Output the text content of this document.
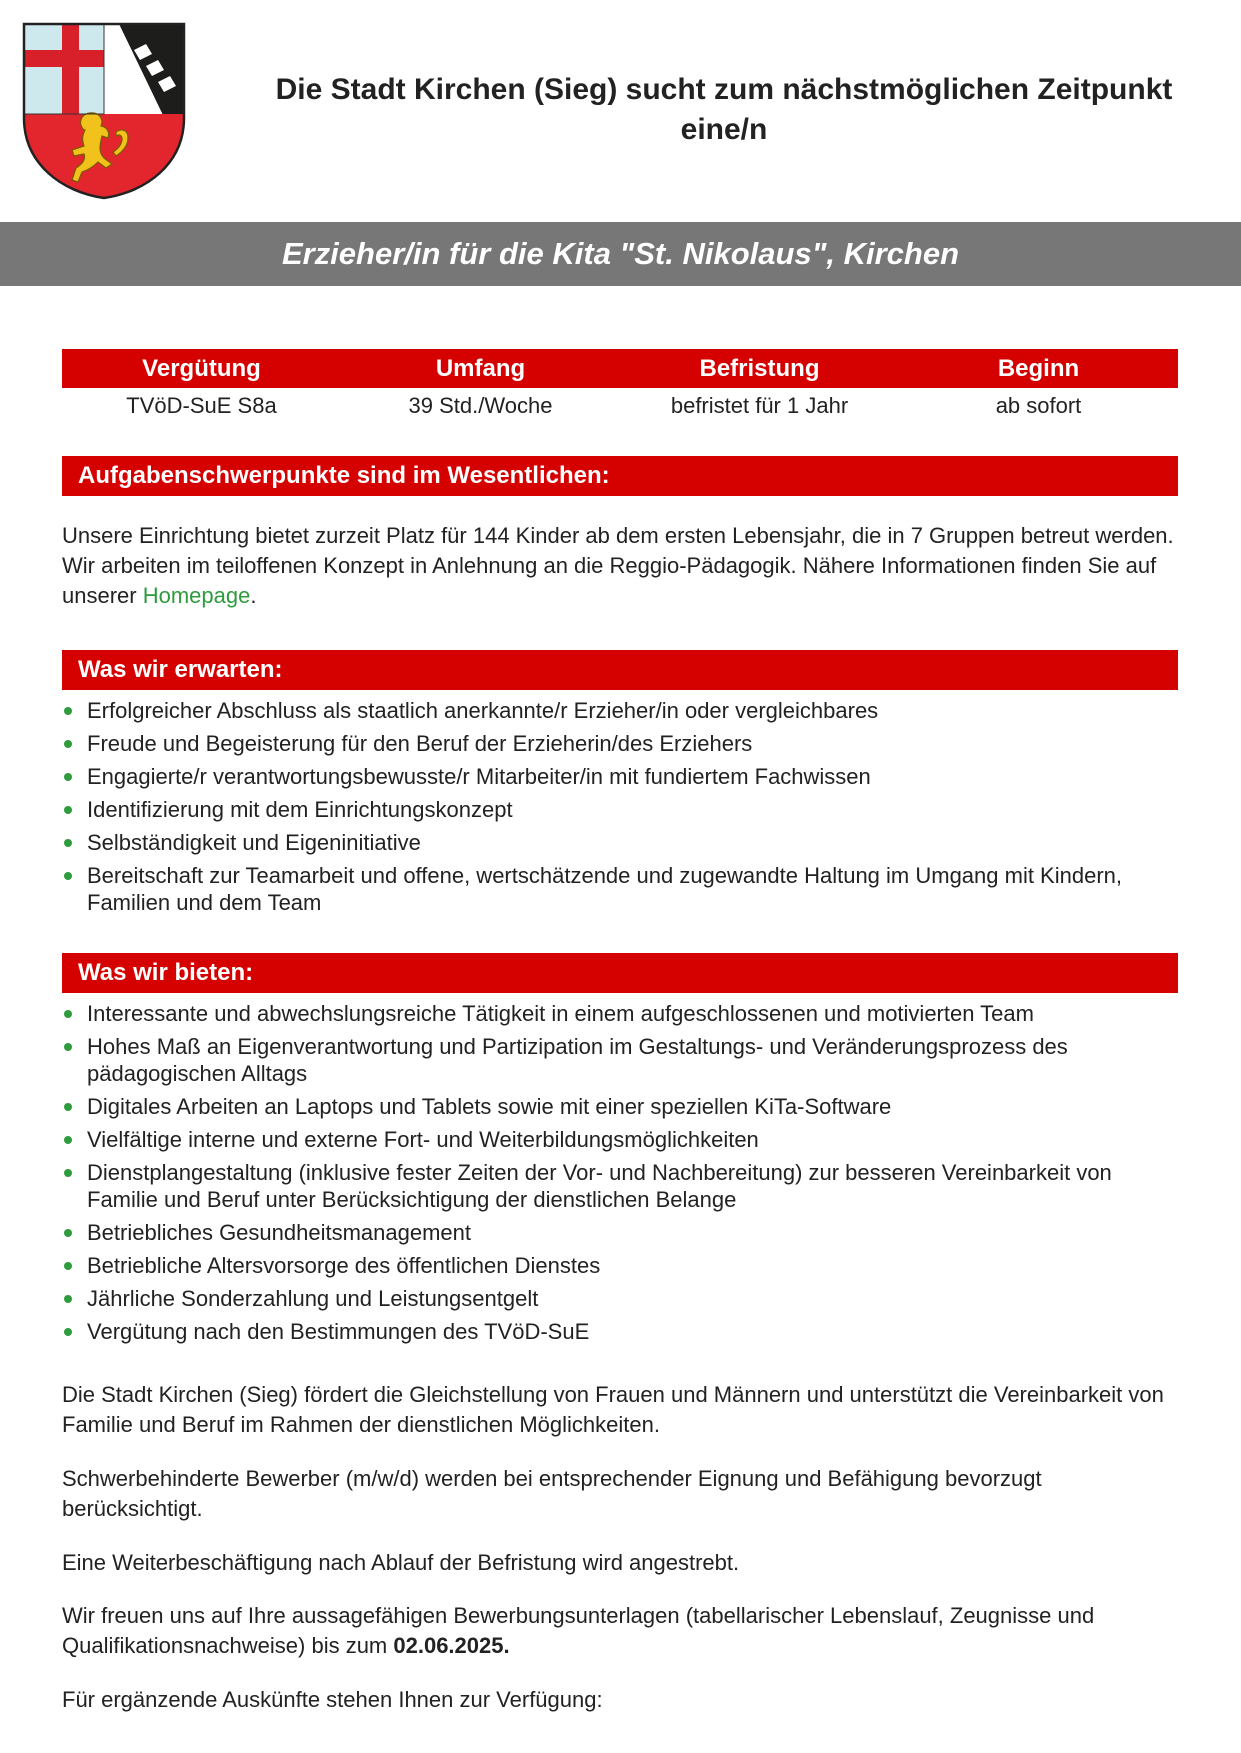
Die Stadt Kirchen (Sieg) sucht zum nächstmöglichen Zeitpunkt eine/n
Erzieher/in für die Kita "St. Nikolaus", Kirchen
Vergütung	Umfang	Befristung	Beginn
TVöD-SuE S8a	39 Std./Woche	befristet für 1 Jahr	ab sofort
Aufgabenschwerpunkte sind im Wesentlichen:
Unsere Einrichtung bietet zurzeit Platz für 144 Kinder ab dem ersten Lebensjahr, die in 7 Gruppen betreut werden. Wir arbeiten im teiloffenen Konzept in Anlehnung an die Reggio-Pädagogik. Nähere Informationen finden Sie auf unserer Homepage.
Was wir erwarten:
Erfolgreicher Abschluss als staatlich anerkannte/r Erzieher/in oder vergleichbares
Freude und Begeisterung für den Beruf der Erzieherin/des Erziehers
Engagierte/r verantwortungsbewusste/r Mitarbeiter/in mit fundiertem Fachwissen
Identifizierung mit dem Einrichtungskonzept
Selbständigkeit und Eigeninitiative
Bereitschaft zur Teamarbeit und offene, wertschätzende und zugewandte Haltung im Umgang mit Kindern, Familien und dem Team
Was wir bieten:
Interessante und abwechslungsreiche Tätigkeit in einem aufgeschlossenen und motivierten Team
Hohes Maß an Eigenverantwortung und Partizipation im Gestaltungs- und Veränderungsprozess des pädagogischen Alltags
Digitales Arbeiten an Laptops und Tablets sowie mit einer speziellen KiTa-Software
Vielfältige interne und externe Fort- und Weiterbildungsmöglichkeiten
Dienstplangestaltung (inklusive fester Zeiten der Vor- und Nachbereitung) zur besseren Vereinbarkeit von Familie und Beruf unter Berücksichtigung der dienstlichen Belange
Betriebliches Gesundheitsmanagement
Betriebliche Altersvorsorge des öffentlichen Dienstes
Jährliche Sonderzahlung und Leistungsentgelt
Vergütung nach den Bestimmungen des TVöD-SuE
Die Stadt Kirchen (Sieg) fördert die Gleichstellung von Frauen und Männern und unterstützt die Vereinbarkeit von Familie und Beruf im Rahmen der dienstlichen Möglichkeiten.
Schwerbehinderte Bewerber (m/w/d) werden bei entsprechender Eignung und Befähigung bevorzugt berücksichtigt.
Eine Weiterbeschäftigung nach Ablauf der Befristung wird angestrebt.
Wir freuen uns auf Ihre aussagefähigen Bewerbungsunterlagen (tabellarischer Lebenslauf, Zeugnisse und Qualifikationsnachweise) bis zum 02.06.2025.
Für ergänzende Auskünfte stehen Ihnen zur Verfügung:
